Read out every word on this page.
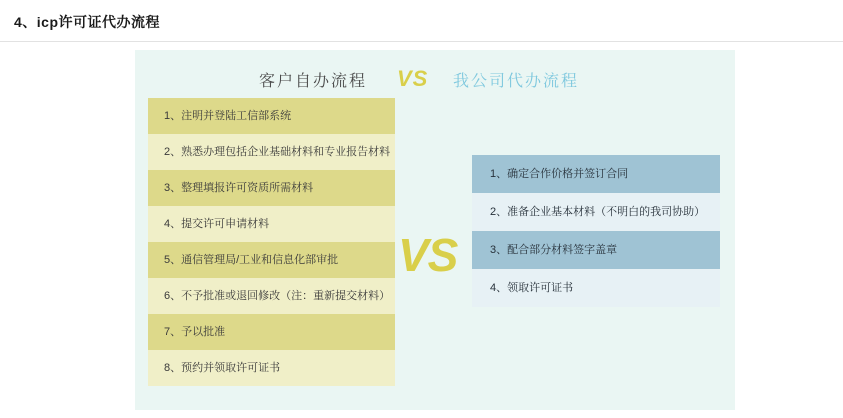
4、icp许可证代办流程
客户自办流程 VS 我公司代办流程
1、注明并登陆工信部系统
2、熟悉办理包括企业基础材料和专业报告材料
3、整理填报许可资质所需材料
4、提交许可申请材料
5、通信管理局/工业和信息化部审批
6、不予批准或退回修改（注：重新提交材料）
7、予以批准
8、预约并领取许可证书
VS
1、确定合作价格并签订合同
2、准备企业基本材料（不明白的我司协助）
3、配合部分材料签字盖章
4、领取许可证书
